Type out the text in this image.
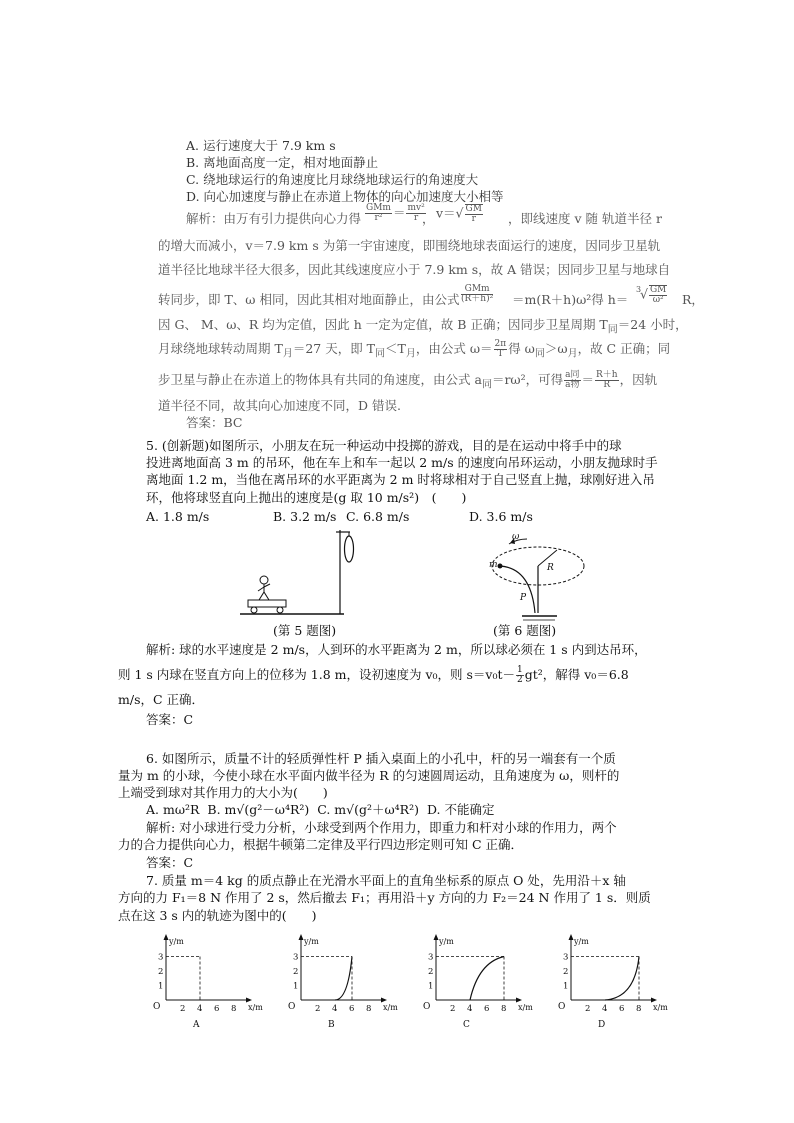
A. 运行速度大于 7.9 km s
B. 离地面高度一定，相对地面静止
C. 绕地球运行的角速度比月球绕地球运行的角速度大
D. 向心加速度与静止在赤道上物体的向心加速度大小相等
解析：由万有引力提供向心力得 $\frac{\text{GMm}}{\text{r²}} = \frac{\text{mv²}}{r}$
， $v=√ \frac{GM}{r}$ ，即线速度 v 随 轨道半径 r
的增大而减小，v＝7.9 km s 为第一宇宙速度，即围绕地球表面运行的速度，因同步卫星轨
道半径比地球半径大很多，因此其线速度应小于 7.9 km s，故 A 错误；因同步卫星与地球自
转同步，即 T、ω 相同，因此其相对地面静止，由公式 $\frac{\text{GMm}}{\text{(R＋h)²}} =m(R+h)\omega^2$得 h＝
3
√ $\frac{GM}{\text{ω²}}$ R，
因 G、 M、ω、R 均为定值，因此 h 一定为定值，故 B 正确；因同步卫星周期 $T_同=24$ 小时，
月球绕地球转动周期 $T_月=27$ 天，即 $T_同<T_月$，由公式 $\omega= \frac{2\pi}{T}$ 得 $\omega_同>\omega_月$，故 C 正确；同
步卫星与静止在赤道上的物体具有共同的角速度，由公式 $a_同=r\omega^2$，可得 $\frac{\text{a同}}{\text{a物}} = \frac{R+h}{R}$ ，因轨
道半径不同，故其向心加速度不同，D 错误.
答案：BC
5. (创新题)如图所示，小朋友在玩一种运动中投掷的游戏，目的是在运动中将手中的球
投进离地面高 3 m 的吊环，他在车上和车一起以 2 m/s 的速度向吊环运动，小朋友抛球时手
离地面 1.2 m，当他在离吊环的水平距离为 2 m 时将球相对于自己竖直上抛，球刚好进入吊
环，他将球竖直向上抛出的速度是(g 取 10 m/s²)　(　　)
A. 1.8 m/s	B. 3.2 m/s C. 6.8 m/s	D. 3.6 m/s
(第 5 题图)
ω
m	R
P
(第 6 题图)
解析: 球的水平速度是 2 m/s，人到环的水平距离为 2 m，所以球必须在 1 s 内到达吊环，
则 1 s 内球在竖直方向上的位移为 1.8 m，设初速度为 v₀，则 $s=v_0t- \frac{1}{2} gt^2$，解得 v₀＝6.8
m/s，C 正确．
答案：C
6. 如图所示，质量不计的轻质弹性杆 P 插入桌面上的小孔中，杆的另一端套有一个质
量为 m 的小球，今使小球在水平面内做半径为 R 的匀速圆周运动，且角速度为 ω，则杆的
上端受到球对其作用力的大小为(　　)
A. mω²R B. m√(g²－ω⁴R²) C. m√(g²＋ω⁴R²) D. 不能确定
解析: 对小球进行受力分析，小球受到两个作用力，即重力和杆对小球的作用力，两个
力的合力提供向心力，根据牛顿第二定律及平行四边形定则可知 C 正确．
答案：C
7. 质量 m＝4 kg 的质点静止在光滑水平面上的直角坐标系的原点 O 处，先用沿＋x 轴
方向的力 F₁＝8 N 作用了 2 s，然后撤去 F₁；再用沿＋y 方向的力 F₂＝24 N 作用了 1 s．则质
点在这 3 s 内的轨迹为图中的(　　)
1
2
3
2 4 6 8
O
y/m
x/m
A
1
2
3
2 4 6 8
O
y/m
x/m
B
1
2
3
2 4 6 8
O
y/m
x/m
C
1
2
3
2 4 6 8
O
y/m
x/m
D
